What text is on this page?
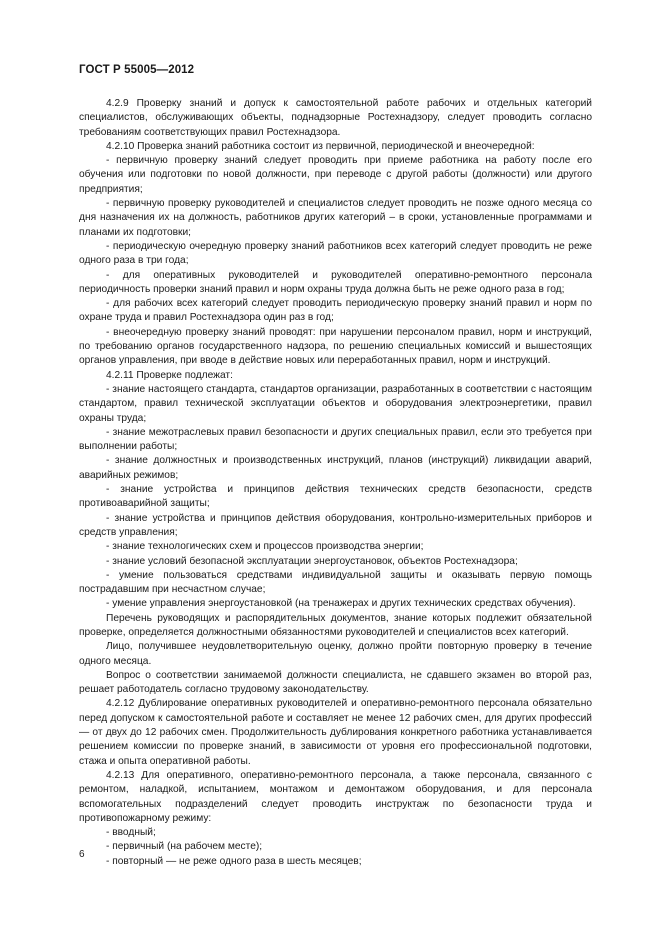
ГОСТ Р 55005—2012

4.2.9 Проверку знаний и допуск к самостоятельной работе рабочих и отдельных категорий специалистов, обслуживающих объекты, поднадзорные Ростехнадзору, следует проводить согласно требованиям соответствующих правил Ростехнадзора.

4.2.10 Проверка знаний работника состоит из первичной, периодической и внеочередной:

- первичную проверку знаний следует проводить при приеме работника на работу после его обучения или подготовки по новой должности, при переводе с другой работы (должности) или другого предприятия;

- первичную проверку руководителей и специалистов следует проводить не позже одного месяца со дня назначения их на должность, работников других категорий – в сроки, установленные программами и планами их подготовки;

- периодическую очередную проверку знаний работников всех категорий следует проводить не реже одного раза в три года;

- для оперативных руководителей и руководителей оперативно-ремонтного персонала периодичность проверки знаний правил и норм охраны труда должна быть не реже одного раза в год;

- для рабочих всех категорий следует проводить периодическую проверку знаний правил и норм по охране труда и правил Ростехнадзора один раз в год;

- внеочередную проверку знаний проводят: при нарушении персоналом правил, норм и инструкций, по требованию органов государственного надзора, по решению специальных комиссий и вышестоящих органов управления, при вводе в действие новых или переработанных правил, норм и инструкций.

4.2.11 Проверке подлежат:

- знание настоящего стандарта, стандартов организации, разработанных в соответствии с настоящим стандартом, правил технической эксплуатации объектов и оборудования электроэнергетики, правил охраны труда;

- знание межотраслевых правил безопасности и других специальных правил, если это требуется при выполнении работы;

- знание должностных и производственных инструкций, планов (инструкций) ликвидации аварий, аварийных режимов;

- знание устройства и принципов действия технических средств безопасности, средств противоаварийной защиты;

- знание устройства и принципов действия оборудования, контрольно-измерительных приборов и средств управления;

- знание технологических схем и процессов производства энергии;

- знание условий безопасной эксплуатации энергоустановок, объектов Ростехнадзора;

- умение пользоваться средствами индивидуальной защиты и оказывать первую помощь пострадавшим при несчастном случае;

- умение управления энергоустановкой (на тренажерах и других технических средствах обучения).

Перечень руководящих и распорядительных документов, знание которых подлежит обязательной проверке, определяется должностными обязанностями руководителей и специалистов всех категорий.

Лицо, получившее неудовлетворительную оценку, должно пройти повторную проверку в течение одного месяца.

Вопрос о соответствии занимаемой должности специалиста, не сдавшего экзамен во второй раз, решает работодатель согласно трудовому законодательству.

4.2.12 Дублирование оперативных руководителей и оперативно-ремонтного персонала обязательно перед допуском к самостоятельной работе и составляет не менее 12 рабочих смен, для других профессий — от двух до 12 рабочих смен. Продолжительность дублирования конкретного работника устанавливается решением комиссии по проверке знаний, в зависимости от уровня его профессиональной подготовки, стажа и опыта оперативной работы.

4.2.13 Для оперативного, оперативно-ремонтного персонала, а также персонала, связанного с ремонтом, наладкой, испытанием, монтажом и демонтажом оборудования, и для персонала вспомогательных подразделений следует проводить инструктаж по безопасности труда и противопожарному режиму:

- вводный;

- первичный (на рабочем месте);

- повторный — не реже одного раза в шесть месяцев;

6
